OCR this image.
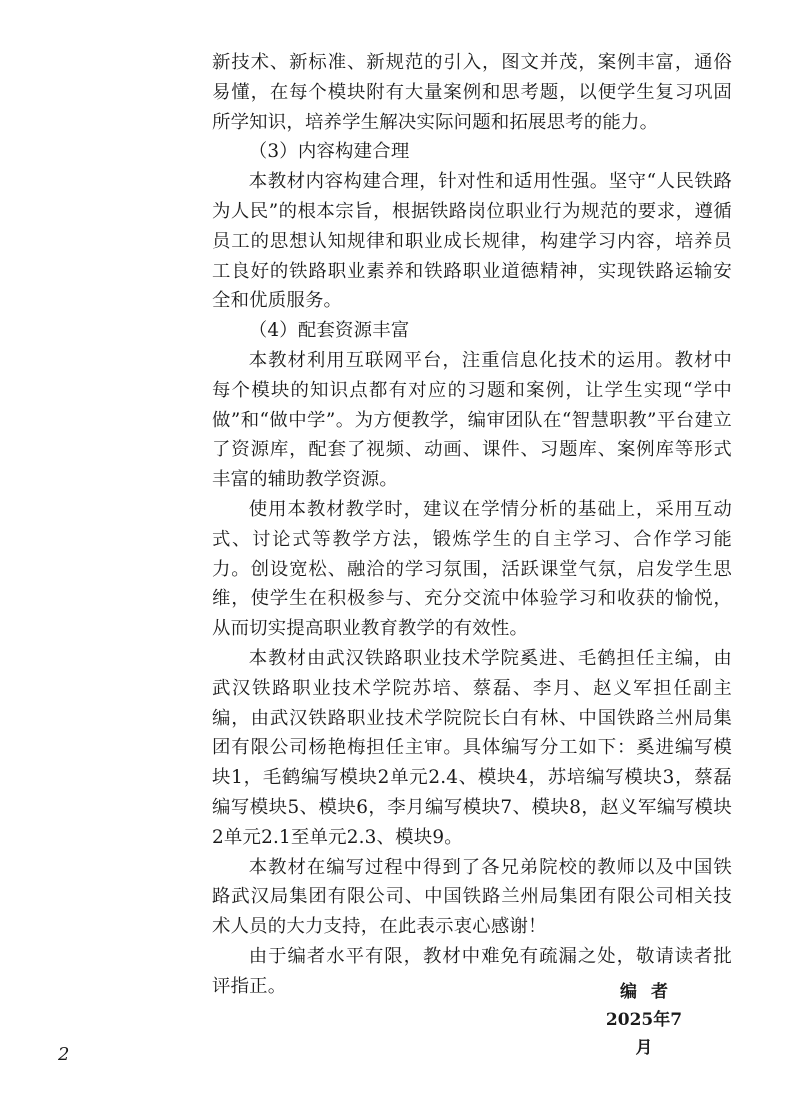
新技术、新标准、新规范的引入，图文并茂，案例丰富，通俗易懂，在每个模块附有大量案例和思考题，以便学生复习巩固所学知识，培养学生解决实际问题和拓展思考的能力。

（3）内容构建合理

本教材内容构建合理，针对性和适用性强。坚守“人民铁路为人民”的根本宗旨，根据铁路岗位职业行为规范的要求，遵循员工的思想认知规律和职业成长规律，构建学习内容，培养员工良好的铁路职业素养和铁路职业道德精神，实现铁路运输安全和优质服务。

（4）配套资源丰富

本教材利用互联网平台，注重信息化技术的运用。教材中每个模块的知识点都有对应的习题和案例，让学生实现“学中做”和“做中学”。为方便教学，编审团队在“智慧职教”平台建立了资源库，配套了视频、动画、课件、习题库、案例库等形式丰富的辅助教学资源。

使用本教材教学时，建议在学情分析的基础上，采用互动式、讨论式等教学方法，锻炼学生的自主学习、合作学习能力。创设宽松、融洽的学习氛围，活跃课堂气氛，启发学生思维，使学生在积极参与、充分交流中体验学习和收获的愉悦，从而切实提高职业教育教学的有效性。

本教材由武汉铁路职业技术学院奚进、毛鹤担任主编，由武汉铁路职业技术学院苏培、蔡磊、李月、赵义军担任副主编，由武汉铁路职业技术学院院长白有林、中国铁路兰州局集团有限公司杨艳梅担任主审。具体编写分工如下：奚进编写模块1，毛鹤编写模块2单元2.4、模块4，苏培编写模块3，蔡磊编写模块5、模块6，李月编写模块7、模块8，赵义军编写模块2单元2.1至单元2.3、模块9。

本教材在编写过程中得到了各兄弟院校的教师以及中国铁路武汉局集团有限公司、中国铁路兰州局集团有限公司相关技术人员的大力支持，在此表示衷心感谢！

由于编者水平有限，教材中难免有疏漏之处，敬请读者批评指正。	编者
2025年7月
2
